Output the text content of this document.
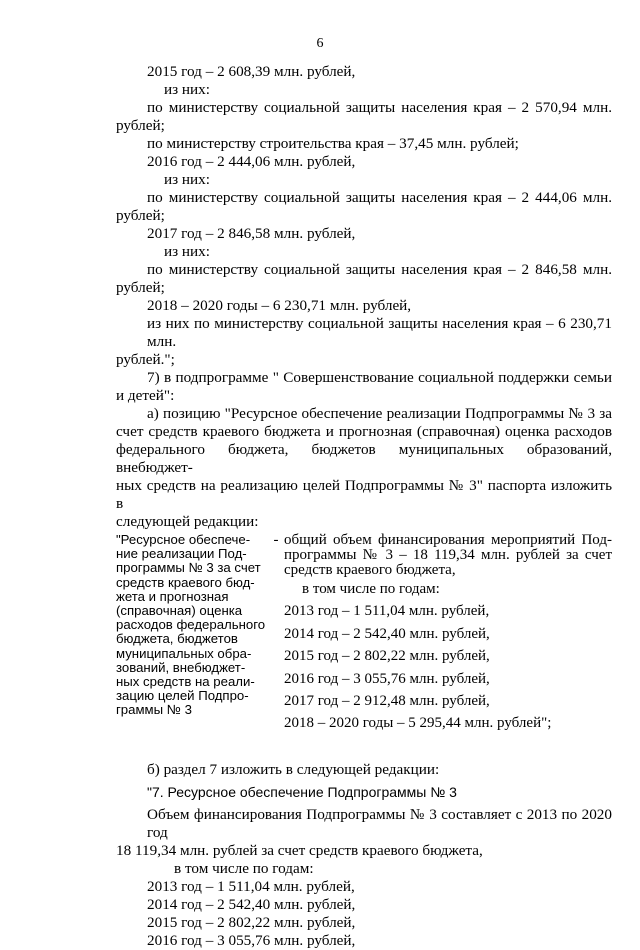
6
2015 год – 2 608,39 млн. рублей,
из них:
по министерству социальной защиты населения края – 2 570,94 млн.
рублей;
по министерству строительства края – 37,45 млн. рублей;
2016 год – 2 444,06 млн. рублей,
из них:
по министерству социальной защиты населения края – 2 444,06 млн.
рублей;
2017 год – 2 846,58 млн. рублей,
из них:
по министерству социальной защиты населения края – 2 846,58 млн.
рублей;
2018 – 2020 годы – 6 230,71 млн. рублей,
из них по министерству социальной защиты населения края – 6 230,71 млн.
рублей.";
7) в подпрограмме " Совершенствование социальной поддержки семьи
и детей":
а) позицию "Ресурсное обеспечение реализации Подпрограммы № 3 за
счет средств краевого бюджета и прогнозная (справочная) оценка расходов
федерального бюджета, бюджетов муниципальных образований, внебюджет-
ных средств на реализацию целей Подпрограммы № 3" паспорта изложить в
следующей редакции:
"Ресурсное обеспече-
ние реализации Под-
программы № 3 за счет
средств краевого бюд-
жета и прогнозная
(справочная) оценка
расходов федерального
бюджета, бюджетов
муниципальных обра-
зований, внебюджет-
ных средств на реали-
зацию целей Подпро-
граммы № 3
- общий объем финансирования мероприятий Под-
программы № 3 – 18 119,34 млн. рублей за счет
средств краевого бюджета,
в том числе по годам:
2013 год – 1 511,04 млн. рублей,
2014 год – 2 542,40 млн. рублей,
2015 год – 2 802,22 млн. рублей,
2016 год – 3 055,76 млн. рублей,
2017 год – 2 912,48 млн. рублей,
2018 – 2020 годы – 5 295,44 млн. рублей";
б) раздел 7 изложить в следующей редакции:
"7. Ресурсное обеспечение Подпрограммы № 3
Объем финансирования Подпрограммы № 3 составляет с 2013 по 2020 год
18 119,34 млн. рублей за счет средств краевого бюджета,
в том числе по годам:
2013 год – 1 511,04 млн. рублей,
2014 год – 2 542,40 млн. рублей,
2015 год – 2 802,22 млн. рублей,
2016 год – 3 055,76 млн. рублей,
